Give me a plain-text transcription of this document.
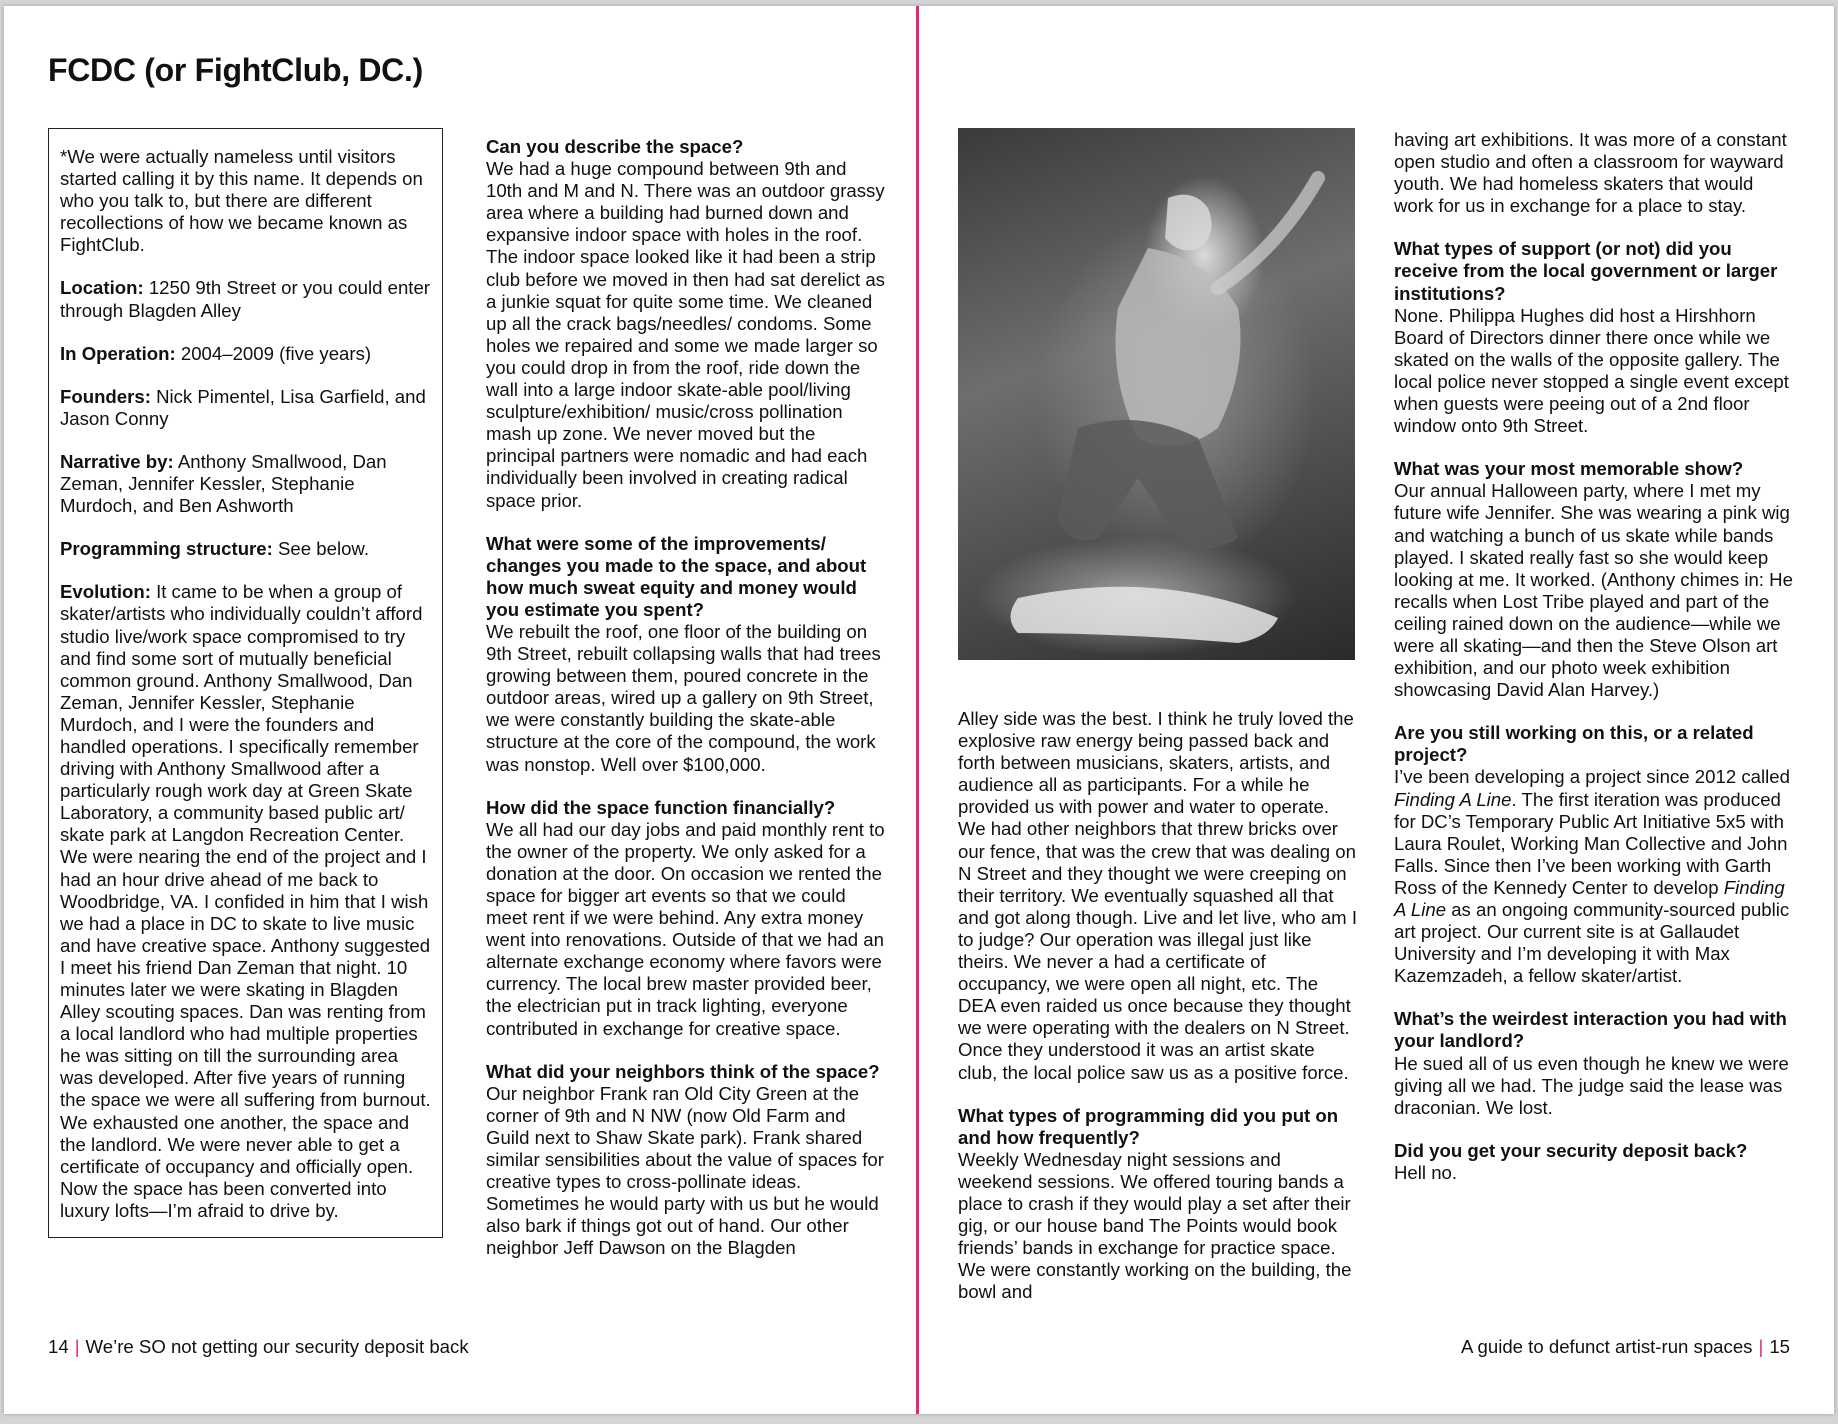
FCDC (or FightClub, DC.)

*We were actually nameless until visitors started calling it by this name. It depends on who you talk to, but there are different recollections of how we became known as FightClub.

Location: 1250 9th Street or you could enter through Blagden Alley

In Operation: 2004–2009 (five years)

Founders: Nick Pimentel, Lisa Garfield, and Jason Conny

Narrative by: Anthony Smallwood, Dan Zeman, Jennifer Kessler, Stephanie Murdoch, and Ben Ashworth

Programming structure: See below.

Evolution: It came to be when a group of skater/artists who individually couldn’t afford studio live/work space compromised to try and find some sort of mutually beneficial common ground. Anthony Smallwood, Dan Zeman, Jennifer Kessler, Stephanie Murdoch, and I were the founders and handled operations. I specifically remember driving with Anthony Smallwood after a particularly rough work day at Green Skate Laboratory, a community based public art/ skate park at Langdon Recreation Center. We were nearing the end of the project and I had an hour drive ahead of me back to Woodbridge, VA. I confided in him that I wish we had a place in DC to skate to live music and have creative space. Anthony suggested I meet his friend Dan Zeman that night. 10 minutes later we were skating in Blagden Alley scouting spaces. Dan was renting from a local landlord who had multiple properties he was sitting on till the surrounding area was developed. After five years of running the space we were all suffering from burnout. We exhausted one another, the space and the landlord. We were never able to get a certificate of occupancy and officially open. Now the space has been converted into luxury lofts—I’m afraid to drive by.

Can you describe the space?
We had a huge compound between 9th and 10th and M and N. There was an outdoor grassy area where a building had burned down and expansive indoor space with holes in the roof. The indoor space looked like it had been a strip club before we moved in then had sat derelict as a junkie squat for quite some time. We cleaned up all the crack bags/needles/ condoms. Some holes we repaired and some we made larger so you could drop in from the roof, ride down the wall into a large indoor skate-able pool/living sculpture/exhibition/ music/cross pollination mash up zone. We never moved but the principal partners were nomadic and had each individually been involved in creating radical space prior.

What were some of the improvements/ changes you made to the space, and about how much sweat equity and money would you estimate you spent?
We rebuilt the roof, one floor of the building on 9th Street, rebuilt collapsing walls that had trees growing between them, poured concrete in the outdoor areas, wired up a gallery on 9th Street, we were constantly building the skate-able structure at the core of the compound, the work was nonstop. Well over $100,000.

How did the space function financially?
We all had our day jobs and paid monthly rent to the owner of the property. We only asked for a donation at the door. On occasion we rented the space for bigger art events so that we could meet rent if we were behind. Any extra money went into renovations. Outside of that we had an alternate exchange economy where favors were currency. The local brew master provided beer, the electrician put in track lighting, everyone contributed in exchange for creative space.

What did your neighbors think of the space?
Our neighbor Frank ran Old City Green at the corner of 9th and N NW (now Old Farm and Guild next to Shaw Skate park). Frank shared similar sensibilities about the value of spaces for creative types to cross-pollinate ideas. Sometimes he would party with us but he would also bark if things got out of hand. Our other neighbor Jeff Dawson on the Blagden

Alley side was the best. I think he truly loved the explosive raw energy being passed back and forth between musicians, skaters, artists, and audience all as participants. For a while he provided us with power and water to operate. We had other neighbors that threw bricks over our fence, that was the crew that was dealing on N Street and they thought we were creeping on their territory. We eventually squashed all that and got along though. Live and let live, who am I to judge? Our operation was illegal just like theirs. We never a had a certificate of occupancy, we were open all night, etc. The DEA even raided us once because they thought we were operating with the dealers on N Street. Once they understood it was an artist skate club, the local police saw us as a positive force.

What types of programming did you put on and how frequently?
Weekly Wednesday night sessions and weekend sessions. We offered touring bands a place to crash if they would play a set after their gig, or our house band The Points would book friends’ bands in exchange for practice space. We were constantly working on the building, the bowl and

having art exhibitions. It was more of a constant open studio and often a classroom for wayward youth. We had homeless skaters that would work for us in exchange for a place to stay.

What types of support (or not) did you receive from the local government or larger institutions?
None. Philippa Hughes did host a Hirshhorn Board of Directors dinner there once while we skated on the walls of the opposite gallery. The local police never stopped a single event except when guests were peeing out of a 2nd floor window onto 9th Street.

What was your most memorable show?
Our annual Halloween party, where I met my future wife Jennifer. She was wearing a pink wig and watching a bunch of us skate while bands played. I skated really fast so she would keep looking at me. It worked. (Anthony chimes in: He recalls when Lost Tribe played and part of the ceiling rained down on the audience—while we were all skating—and then the Steve Olson art exhibition, and our photo week exhibition showcasing David Alan Harvey.)

Are you still working on this, or a related project?
I’ve been developing a project since 2012 called Finding A Line. The first iteration was produced for DC’s Temporary Public Art Initiative 5x5 with Laura Roulet, Working Man Collective and John Falls. Since then I’ve been working with Garth Ross of the Kennedy Center to develop Finding A Line as an ongoing community-sourced public art project. Our current site is at Gallaudet University and I’m developing it with Max Kazemzadeh, a fellow skater/artist.

What’s the weirdest interaction you had with your landlord?
He sued all of us even though he knew we were giving all we had. The judge said the lease was draconian. We lost.

Did you get your security deposit back?
Hell no.

14 | We’re SO not getting our security deposit back	A guide to defunct artist-run spaces | 15
